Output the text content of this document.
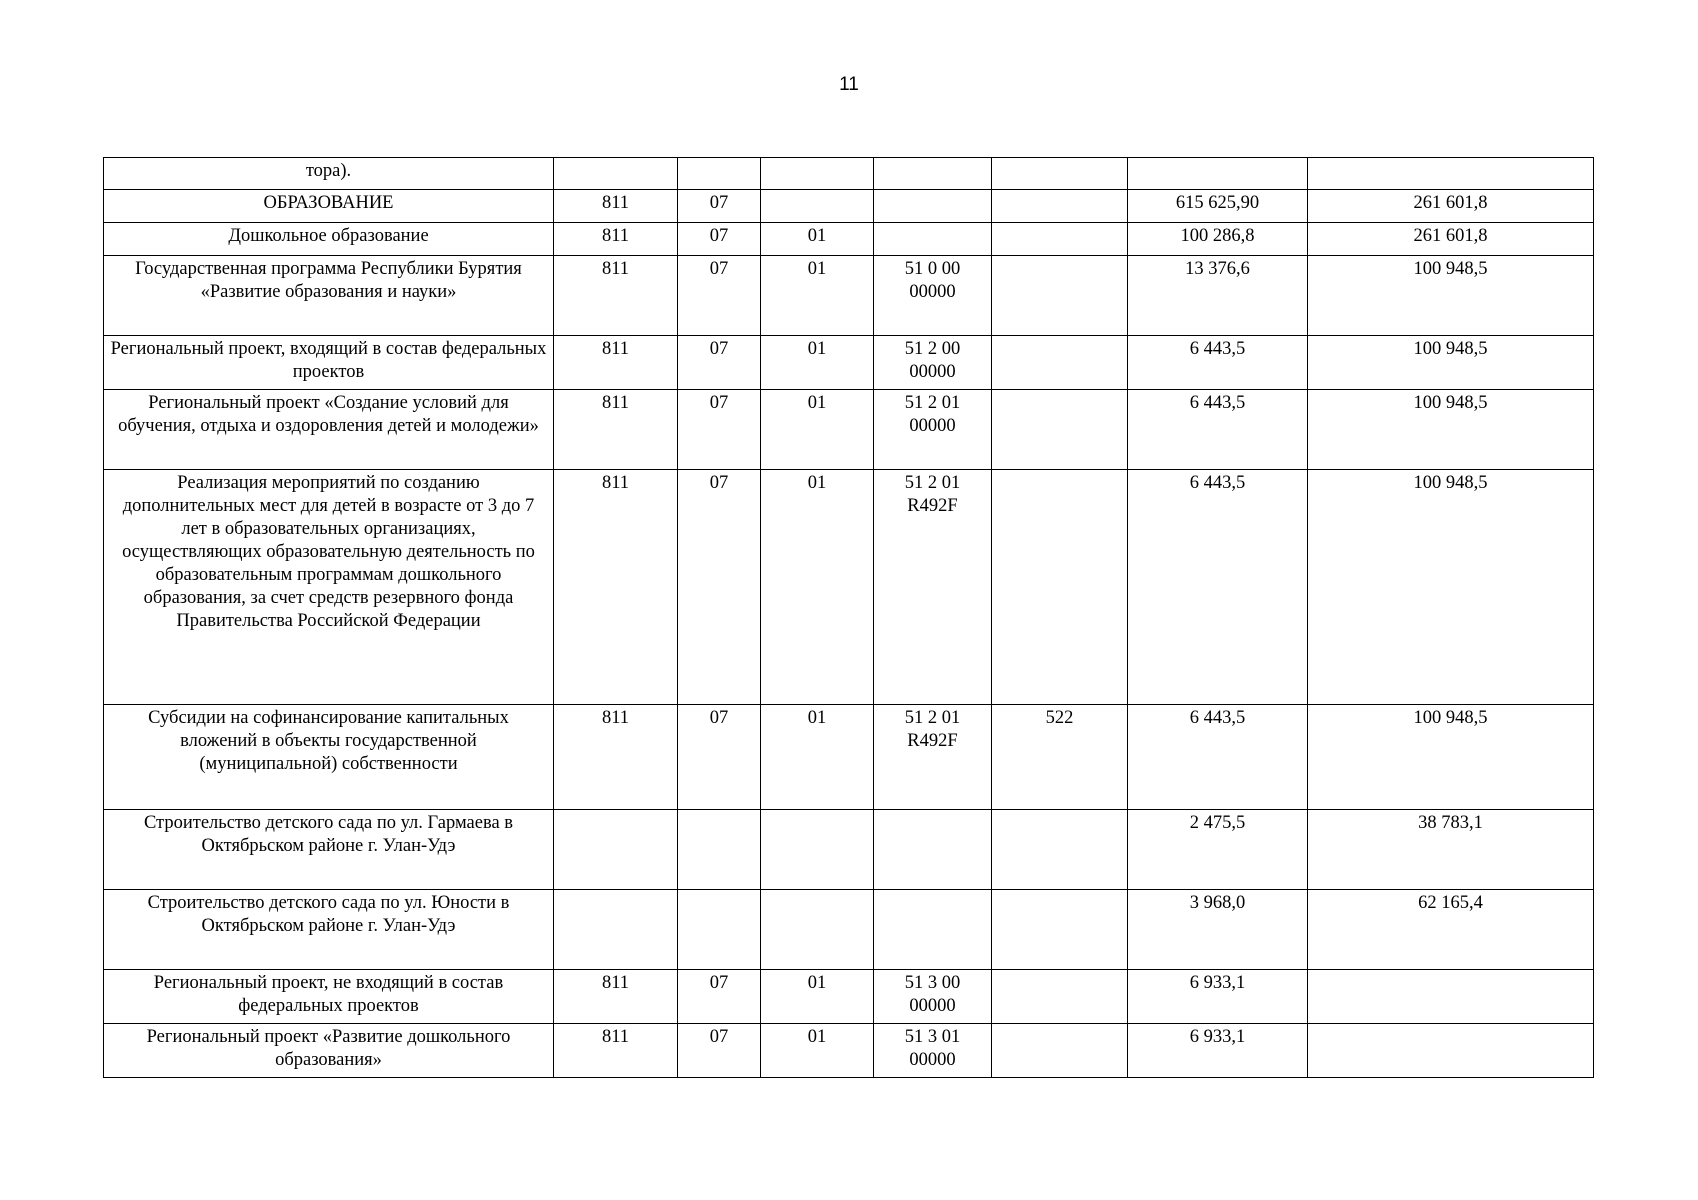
11
тора).							
ОБРАЗОВАНИЕ	811	07				615 625,90	261 601,8
Дошкольное образование	811	07	01			100 286,8	261 601,8
Государственная программа Республики Бурятия «Развитие образования и науки»	811	07	01	51 0 00 00000		13 376,6	100 948,5
Региональный проект, входящий в состав федеральных проектов	811	07	01	51 2 00 00000		6 443,5	100 948,5
Региональный проект «Создание условий для обучения, отдыха и оздоровления детей и молодежи»	811	07	01	51 2 01 00000		6 443,5	100 948,5
Реализация мероприятий по созданию дополнительных мест для детей в возрасте от 3 до 7 лет в образовательных организациях, осуществляющих образовательную деятельность по образовательным программам дошкольного образования, за счет средств резервного фонда Правительства Российской Федерации	811	07	01	51 2 01 R492F		6 443,5	100 948,5
Субсидии на софинансирование капитальных вложений в объекты государственной (муниципальной) собственности	811	07	01	51 2 01 R492F	522	6 443,5	100 948,5
Строительство детского сада по ул. Гармаева в Октябрьском районе г. Улан-Удэ						2 475,5	38 783,1
Строительство детского сада по ул. Юности в Октябрьском районе г. Улан-Удэ						3 968,0	62 165,4
Региональный проект, не входящий в состав федеральных проектов	811	07	01	51 3 00 00000		6 933,1	
Региональный проект «Развитие дошкольного образования»	811	07	01	51 3 01 00000		6 933,1	
